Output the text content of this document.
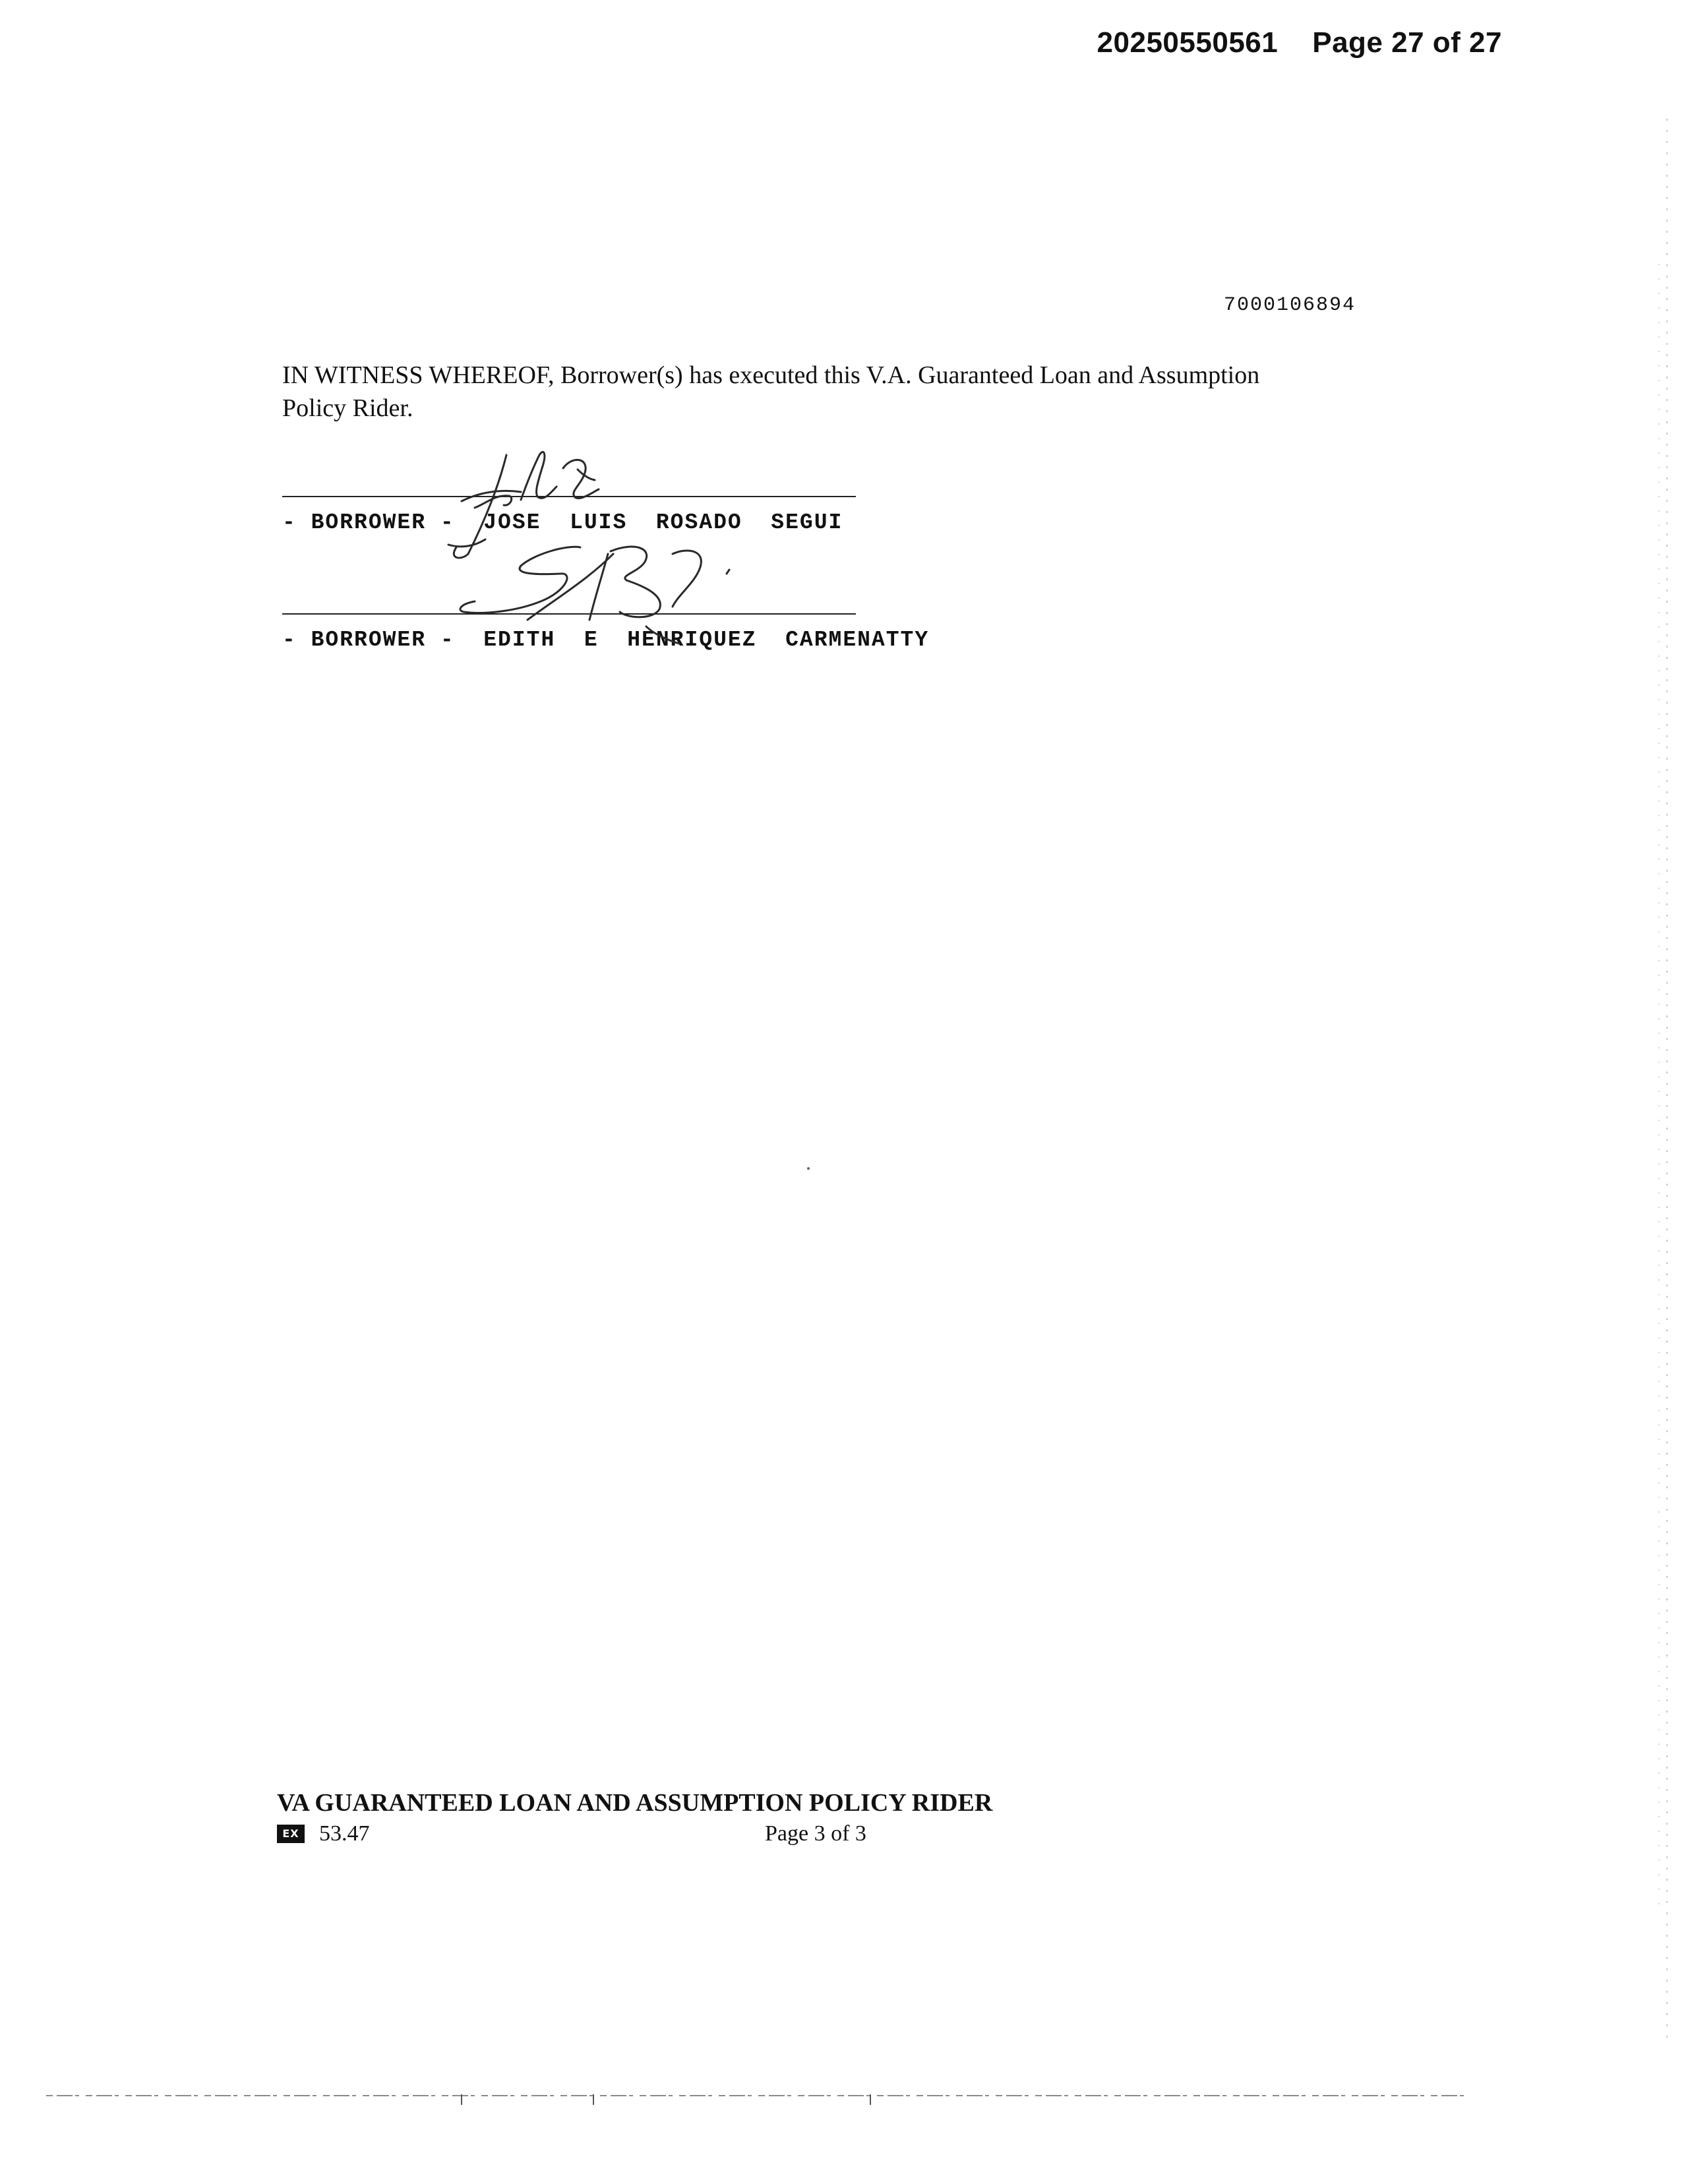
20250550561 Page 27 of 27
7000106894
IN WITNESS WHEREOF, Borrower(s) has executed this V.A. Guaranteed Loan and Assumption
Policy Rider.
- BORROWER -  JOSE  LUIS  ROSADO  SEGUI
- BORROWER -  EDITH  E  HENRIQUEZ  CARMENATTY
VA GUARANTEED LOAN AND ASSUMPTION POLICY RIDER
EX 53.47	Page 3 of 3
